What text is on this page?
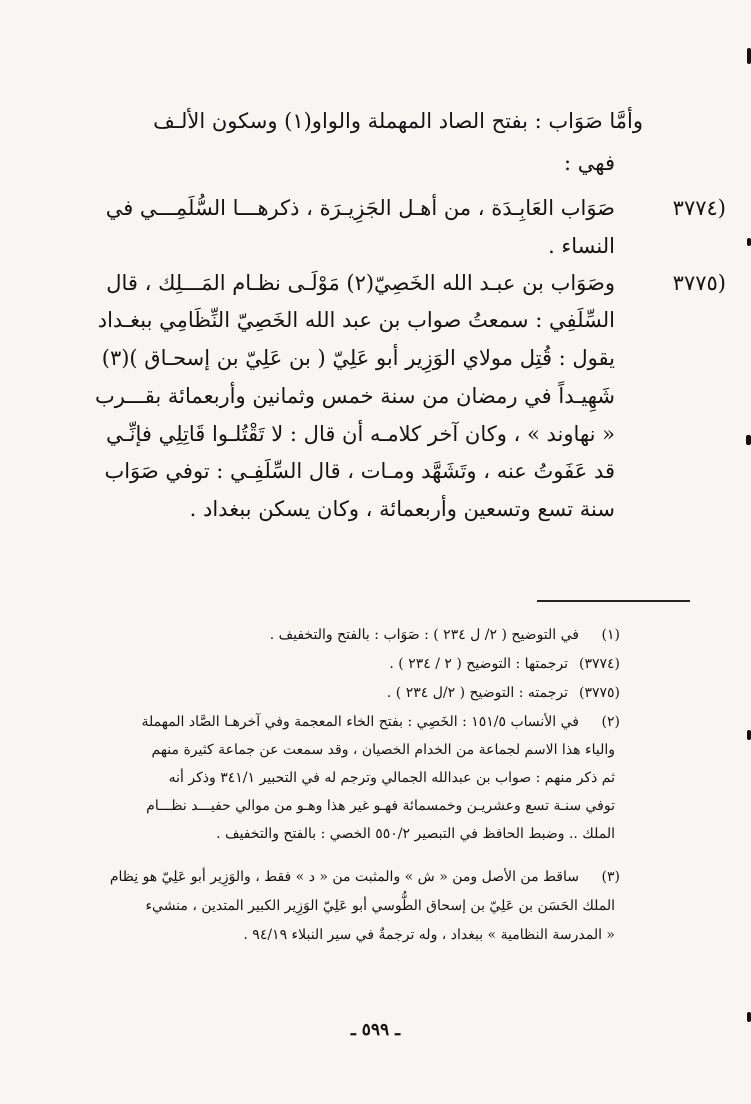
وأمَّا صَوَاب : بفتح الصاد المهملة والواو(١) وسكون الألـف
فهي :
(٣٧٧٤
صَوَاب العَابِـدَة ، من أهـل الجَزِيـرَة ، ذكرهـــا السُّلَمِـــي في
النساء .
(٣٧٧٥
وصَوَاب بن عبـد الله الخَصِيّ(٢) مَوْلَـى نظـام المَـــلِك ، قال
السِّلَفِي : سمعتُ صواب بن عبد الله الخَصِيّ النِّظَامِي ببغـداد
يقول : قُتِل مولاي الوَزِير أبو عَلِيّ ( بن عَلِيّ بن إسحـاق )(٣)
شَهِيـداً في رمضان من سنة خمس وثمانين وأربعمائة بقـــرب
« نهاوند » ، وكان آخر كلامـه أن قال : لا تَقْتُلـوا قَاتِلِي فإنِّـي
قد عَفَوتُ عنه ، وتَشَهَّد ومـات ، قال السِّلَفِـي : توفي صَوَاب
سنة تسع وتسعين وأربعمائة ، وكان يسكن ببغداد .
(١)
في التوضيح ( ٢/ ل ٢٣٤ ) : صَوَاب : بالفتح والتخفيف .
(٣٧٧٤)
ترجمتها : التوضيح ( ٢ / ٢٣٤ ) .
(٣٧٧٥)
ترجمته : التوضيح ( ٢/ل ٢٣٤ ) .
(٢)
في الأنساب ١٥١/٥ : الخَصِي : بفتح الخاء المعجمة وفي آخرهـا الصَّاد المهملة
والياء هذا الاسم لجماعة من الخدام الخصيان ، وقد سمعت عن جماعة كثيرة منهم
ثم ذكر منهم : صواب بن عبدالله الجمالي وترجم له في التحبير ٣٤١/١ وذكر أنه
توفي سنـة تسع وعشريـن وخمسمائة فهـو غير هذا وهـو من موالي حفيـــد نظـــام
الملك .. وضبط الحافظ في التبصير ٥٥٠/٢ الخصي : بالفتح والتخفيف .
(٣)
ساقط من الأصل ومن « ش » والمثبت من « د » فقط ، والوَزِير أبو عَلِيّ هو نِظام
الملك الحَسَن بن عَلِيّ بن إسحاق الطُّوسي أبو عَلِيّ الوَزِير الكبير المتدين ، منشيء
« المدرسة النظامية » ببغداد ، وله ترجمةٌ في سير النبلاء ٩٤/١٩ .
ـ ٥٩٩ ـ
